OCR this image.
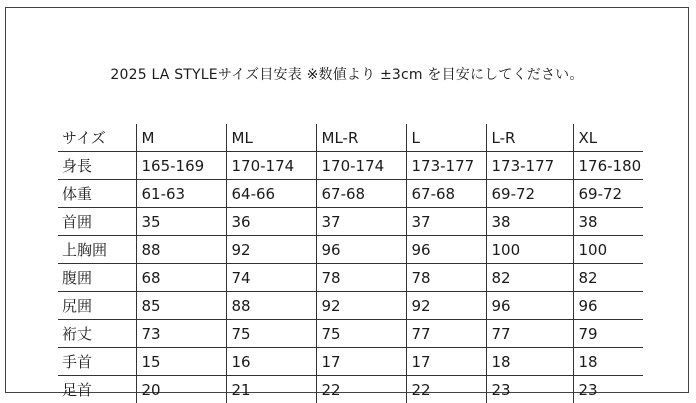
2025 LA STYLEサイズ目安表 ※数値より ±3cm を目安にしてください。
サイズ	M	ML	ML-R	L	L-R	XL
身長	165-169	170-174	170-174	173-177	173-177	176-180
体重	61-63	64-66	67-68	67-68	69-72	69-72
首囲	35	36	37	37	38	38
上胸囲	88	92	96	96	100	100
腹囲	68	74	78	78	82	82
尻囲	85	88	92	92	96	96
裄丈	73	75	75	77	77	79
手首	15	16	17	17	18	18
足首	20	21	22	22	23	23
